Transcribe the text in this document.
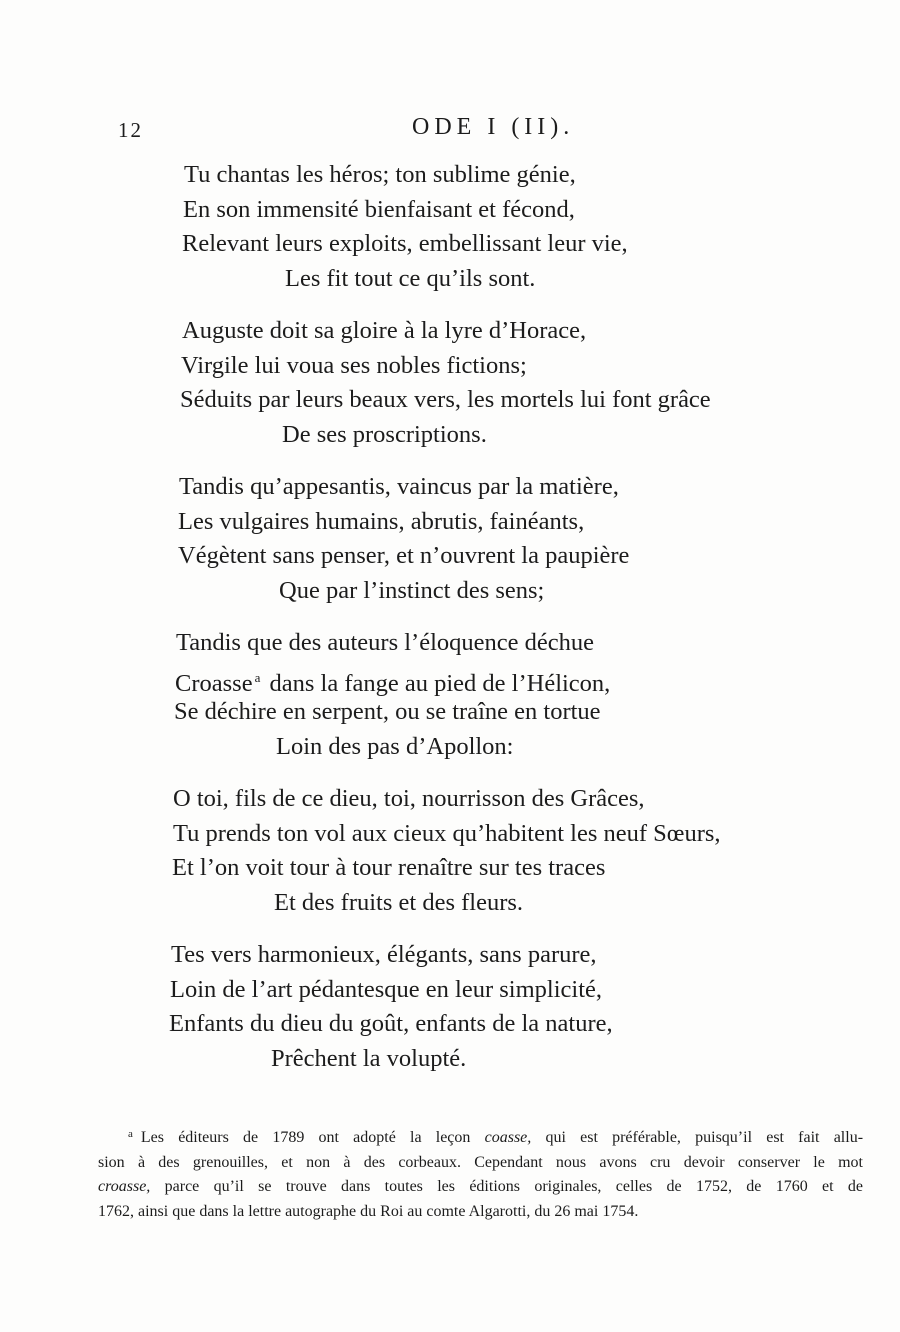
12	ODE I (II).
Tu chantas les héros; ton sublime génie,
En son immensité bienfaisant et fécond,
Relevant leurs exploits, embellissant leur vie,
Les fit tout ce qu’ils sont.
Auguste doit sa gloire à la lyre d’Horace,
Virgile lui voua ses nobles fictions;
Séduits par leurs beaux vers, les mortels lui font grâce
De ses proscriptions.
Tandis qu’appesantis, vaincus par la matière,
Les vulgaires humains, abrutis, fainéants,
Végètent sans penser, et n’ouvrent la paupière
Que par l’instinct des sens;
Tandis que des auteurs l’éloquence déchue
Croasse $^a$ dans la fange au pied de l’Hélicon,
Se déchire en serpent, ou se traîne en tortue
Loin des pas d’Apollon:
O toi, fils de ce dieu, toi, nourrisson des Grâces,
Tu prends ton vol aux cieux qu’habitent les neuf Sœurs,
Et l’on voit tour à tour renaître sur tes traces
Et des fruits et des fleurs.
Tes vers harmonieux, élégants, sans parure,
Loin de l’art pédantesque en leur simplicité,
Enfants du dieu du goût, enfants de la nature,
Prêchent la volupté.
$^a$ Les éditeurs de 1789 ont adopté la leçon coasse, qui est préférable, puisqu’il est fait allu-
sion à des grenouilles, et non à des corbeaux. Cependant nous avons cru devoir conserver le mot
croasse, parce qu’il se trouve dans toutes les éditions originales, celles de 1752, de 1760 et de
1762, ainsi que dans la lettre autographe du Roi au comte Algarotti, du 26 mai 1754.
